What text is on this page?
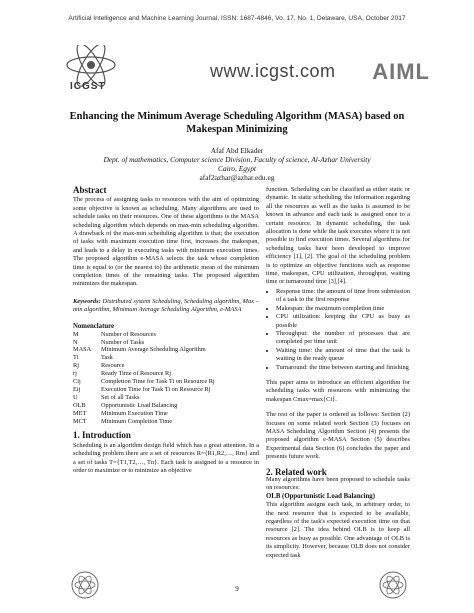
Artificial Intelligence and Machine Learning Journal, ISSN: 1687-4846, Vo. 17, No. 1, Delaware, USA, October 2017
ICGST
www.icgst.com AIML
Enhancing the Minimum Average Scheduling Algorithm (MASA) based on
Makespan Minimizing
Afaf Abd Elkader
Dept. of mathematics, Computer science Division, Faculty of science, Al-Azhar University
Cairo, Egypt
afaf2azhar@azhar.edu.eg
Abstract

The process of assigning tasks to resources with the aim of optimizing some objective is known as scheduling. Many algorithms are used to schedule tasks on their resources. One of these algorithms is the MASA scheduling algorithm which depends on max-min scheduling algorithm. A drawback of the max-min scheduling algorithm is that; the execution of tasks with maximum execution time first, increases the makespan, and leads to a delay in executing tasks with minimum execution times. The proposed algorithm e-MASA selects the task whose completion time is equal to (or the nearest to) the arithmetic mean of the minimum completion times of the remaining tasks. The proposed algorithm minimizes the makespan.

Keywords: Distributed system Scheduling, Scheduling algorithm, Max – min algorithm, Minimum Average Scheduling Algorithm, e-MASA

Nomenclature
M	Number of Resources
N	Number of Tasks
MASA	Minimum Average Scheduling Algorithm
Ti	Task
Rj	Resource
rj	Ready Time of Resource Rj
Cij	Completion Time for Task Ti on Resource Rj
Eij	Execution Time for Task Ti on Resource Rj
U	Set of all Tasks
OLB	Opportunistic Load Balancing
MET	Minimum Execution Time
MCT	Minimum Completion Time
1. Introduction

Scheduling is an algorithm design field which has a great attention. In a scheduling problem there are a set of resources R={R1,R2,…, Rm} and a set of tasks T={T1,T2,…, Tn}. Each task is assigned to a resource in order to maximize or to minimize an objective

function. Scheduling can be classified as either static or dynamic. In static scheduling, the information regarding all the resources as well as the tasks is assumed to be known in advance and each task is assigned once to a certain resource. In dynamic scheduling, the task allocation is done while the task executes where it is not possible to find execution times. Several algorithms for scheduling tasks have been developed to improve efficiency [1], [2]. The goal of the scheduling problem is to optimize an objective functions such as response time, makespan, CPU utilization, throughput, waiting time or turnaround time [3],[4].

• Response time: the amount of time from submission of a task to the first response
• Makespan: the maximum completion time
• CPU utilization: keeping the CPU as busy as possible
• Throughput: the number of processes that are completed per time unit
• Waiting time: the amount of time that the task is waiting in the ready queue
• Turnaround: the time between starting and finishing

This paper aims to introduce an efficient algorithm for scheduling tasks with resources with minimizing the makespan Cmax=max{Ci}.

The rest of the paper is ordered as follows: Section (2) focuses on some related work Section (3) focuses on MASA Scheduling Algorithm Section (4) presents the proposed algorithm e-MASA Section (5) describes Experimental data Section (6) concludes the paper and presents future work.

2. Related work

Many algorithms have been proposed to schedule tasks on resources:

OLB (Opportunistic Load Balancing)

This algorithm assigns each task, in arbitrary order, to the next resource that is expected to be available, regardless of the task's expected execution time on that resource [2]. The idea behind OLB is to keep all resources as busy as possible. One advantage of OLB is its simplicity. However, because OLB does not consider expected task

9
